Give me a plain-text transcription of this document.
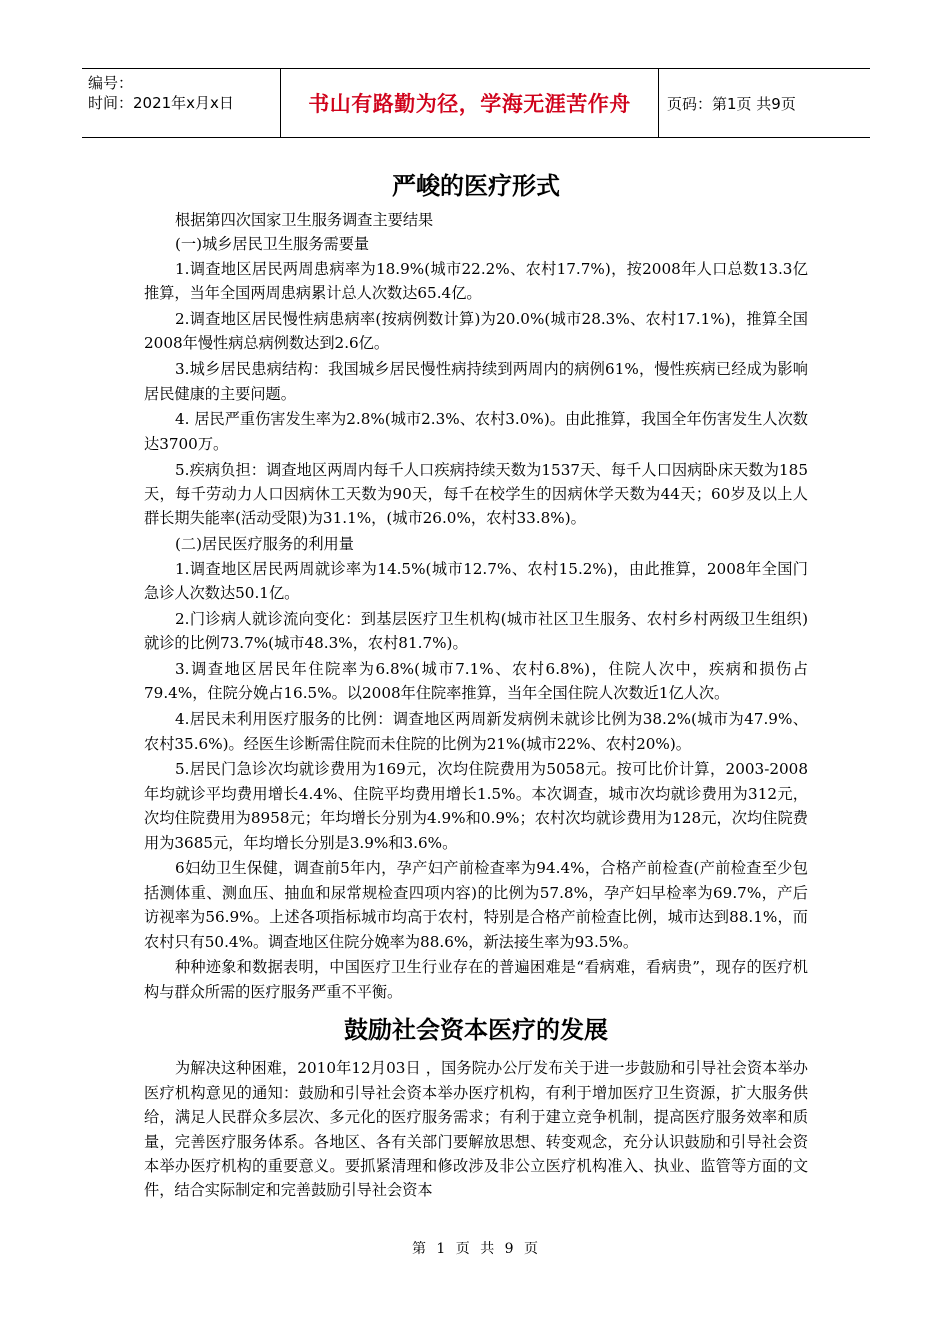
编号：
时间：2021年x月x日	书山有路勤为径，学海无涯苦作舟	页码：第1页 共9页
严峻的医疗形式

根据第四次国家卫生服务调查主要结果

(一)城乡居民卫生服务需要量

1.调查地区居民两周患病率为18.9%(城市22.2%、农村17.7%)，按2008年人口总数13.3亿推算，当年全国两周患病累计总人次数达65.4亿。

2.调查地区居民慢性病患病率(按病例数计算)为20.0%(城市28.3%、农村17.1%)，推算全国2008年慢性病总病例数达到2.6亿。

3.城乡居民患病结构：我国城乡居民慢性病持续到两周内的病例61%，慢性疾病已经成为影响居民健康的主要问题。

4. 居民严重伤害发生率为2.8%(城市2.3%、农村3.0%)。由此推算，我国全年伤害发生人次数达3700万。

5.疾病负担：调查地区两周内每千人口疾病持续天数为1537天、每千人口因病卧床天数为185天，每千劳动力人口因病休工天数为90天，每千在校学生的因病休学天数为44天；60岁及以上人群长期失能率(活动受限)为31.1%，(城市26.0%，农村33.8%)。

(二)居民医疗服务的利用量

1.调查地区居民两周就诊率为14.5%(城市12.7%、农村15.2%)，由此推算，2008年全国门急诊人次数达50.1亿。

2.门诊病人就诊流向变化：到基层医疗卫生机构(城市社区卫生服务、农村乡村两级卫生组织)就诊的比例73.7%(城市48.3%，农村81.7%)。

3.调查地区居民年住院率为6.8%(城市7.1%、农村6.8%)，住院人次中，疾病和损伤占79.4%，住院分娩占16.5%。以2008年住院率推算，当年全国住院人次数近1亿人次。

4.居民未利用医疗服务的比例：调查地区两周新发病例未就诊比例为38.2%(城市为47.9%、农村35.6%)。经医生诊断需住院而未住院的比例为21%(城市22%、农村20%)。

5.居民门急诊次均就诊费用为169元，次均住院费用为5058元。按可比价计算，2003-2008年均就诊平均费用增长4.4%、住院平均费用增长1.5%。本次调查，城市次均就诊费用为312元，次均住院费用为8958元；年均增长分别为4.9%和0.9%；农村次均就诊费用为128元，次均住院费用为3685元，年均增长分别是3.9%和3.6%。

6妇幼卫生保健，调查前5年内，孕产妇产前检查率为94.4%，合格产前检查(产前检查至少包括测体重、测血压、抽血和尿常规检查四项内容)的比例为57.8%，孕产妇早检率为69.7%，产后访视率为56.9%。上述各项指标城市均高于农村，特别是合格产前检查比例，城市达到88.1%，而农村只有50.4%。调查地区住院分娩率为88.6%，新法接生率为93.5%。

种种迹象和数据表明，中国医疗卫生行业存在的普遍困难是“看病难，看病贵”，现存的医疗机构与群众所需的医疗服务严重不平衡。

鼓励社会资本医疗的发展

为解决这种困难，2010年12月03日 ，国务院办公厅发布关于进一步鼓励和引导社会资本举办医疗机构意见的通知：鼓励和引导社会资本举办医疗机构，有利于增加医疗卫生资源，扩大服务供给，满足人民群众多层次、多元化的医疗服务需求；有利于建立竞争机制，提高医疗服务效率和质量，完善医疗服务体系。各地区、各有关部门要解放思想、转变观念，充分认识鼓励和引导社会资本举办医疗机构的重要意义。要抓紧清理和修改涉及非公立医疗机构准入、执业、监管等方面的文件，结合实际制定和完善鼓励引导社会资本

第 1 页 共 9 页
